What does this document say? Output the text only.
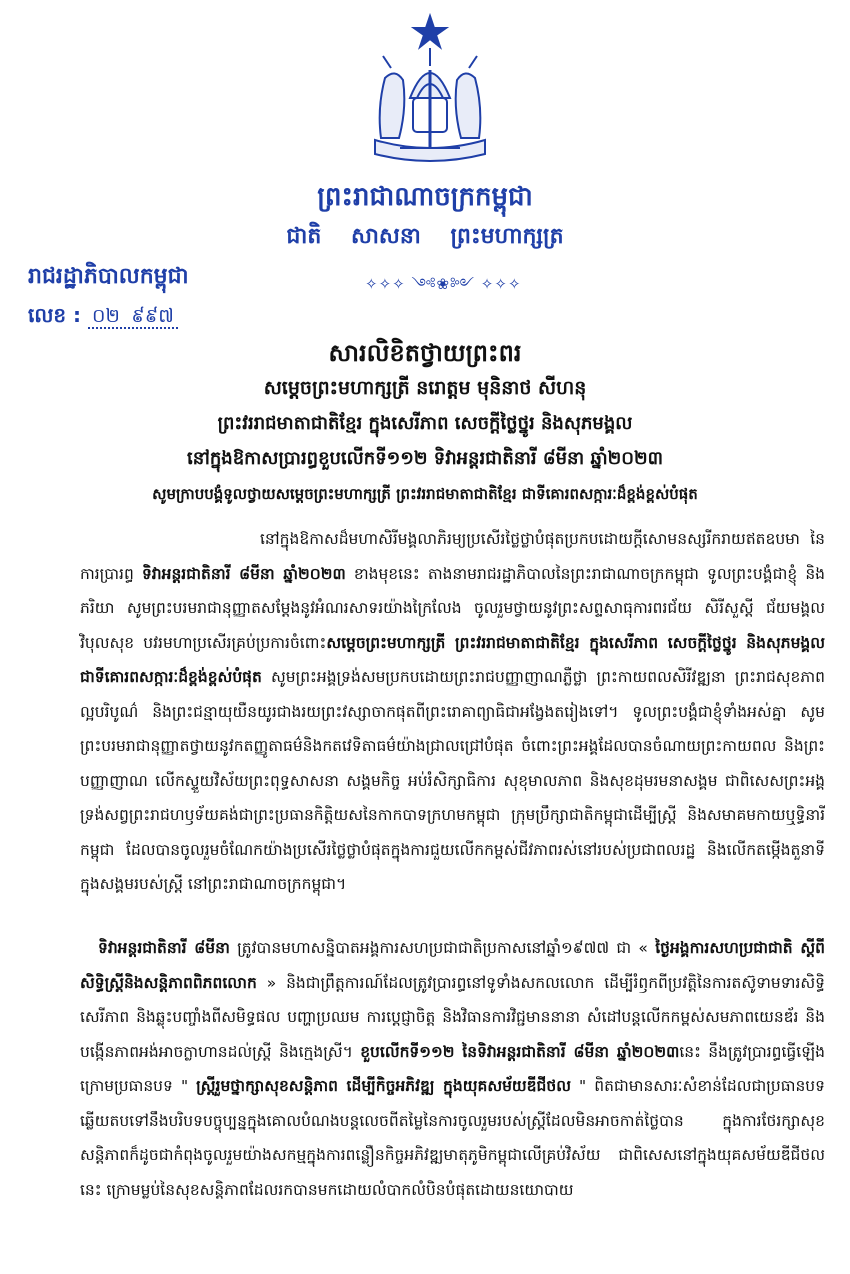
ព្រះរាជាណាចក្រកម្ពុជា
ជាតិ សាសនា ព្រះមហាក្សត្រ
✧✧✧ ༺❀༻ ✧✧✧
រាជរដ្ឋាភិបាលកម្ពុជា
លេខ : ០២ ៩៩៧
សារលិខិតថ្វាយព្រះពរ
សម្ដេចព្រះមហាក្សត្រី នរោត្ដម មុនិនាថ សីហនុ
ព្រះវររាជមាតាជាតិខ្មែរ ក្នុងសេរីភាព សេចក្ដីថ្លៃថ្នូរ និងសុភមង្គល
នៅក្នុងឱកាសប្រារព្ធខួបលើកទី១១២ ទិវាអន្ដរជាតិនារី ៨មីនា ឆ្នាំ២០២៣
សូមក្រាបបង្គំទូលថ្វាយសម្ដេចព្រះមហាក្សត្រី ព្រះវររាជមាតាជាតិខ្មែរ ជាទីគោរពសក្ការៈដ៏ខ្ពង់ខ្ពស់បំផុត
នៅក្នុងឱកាសដ៏មហាសិរីមង្គលាភិរម្យប្រសើរថ្លៃថ្លាបំផុតប្រកបដោយក្ដីសោមនស្សរីករាយឥតឧបមា នៃការប្រារព្ធ ទិវាអន្ដរជាតិនារី ៨មីនា ឆ្នាំ២០២៣ ខាងមុខនេះ តាងនាមរាជរដ្ឋាភិបាលនៃព្រះរាជាណាចក្រកម្ពុជា ទូលព្រះបង្គំជាខ្ញុំ និងភរិយា សូមព្រះបរមរាជានុញ្ញាតសម្ដែងនូវអំណរសាទរយ៉ាងក្រៃលែង ចូលរួមថ្វាយនូវព្រះសព្ទសាធុការពរជ័យ សិរីសួស្ដី ជ័យមង្គល វិបុលសុខ បវរមហាប្រសើរគ្រប់ប្រការចំពោះសម្ដេចព្រះមហាក្សត្រី ព្រះវររាជមាតាជាតិខ្មែរ ក្នុងសេរីភាព សេចក្ដីថ្លៃថ្នូរ និងសុភមង្គល ជាទីគោរពសក្ការៈដ៏ខ្ពង់ខ្ពស់បំផុត សូមព្រះអង្គទ្រង់សមប្រកបដោយព្រះរាជបញ្ញាញាណភ្លឺថ្លា ព្រះកាយពលសិរីវឌ្ឍនា ព្រះរាជសុខភាពល្អបរិបូណ៌ និងព្រះជន្មាយុយឺនយូរជាងរយព្រះវស្សាចាកផុតពីព្រះរោគាព្យាធិជាអង្វែងតរៀងទៅ។ ទូលព្រះបង្គំជាខ្ញុំទាំងអស់គ្នា សូមព្រះបរមរាជានុញ្ញាតថ្វាយនូវកតញ្ញូតាធម៌និងកតវេទិតាធម៌យ៉ាងជ្រាលជ្រៅបំផុត ចំពោះព្រះអង្គដែលបានចំណាយព្រះកាយពល និងព្រះបញ្ញាញាណ លើកស្ទួយវិស័យព្រះពុទ្ធសាសនា សង្គមកិច្ច អប់រំសិក្សាធិការ សុខុមាលភាព និងសុខដុមរមនាសង្គម ជាពិសេសព្រះអង្គទ្រង់សព្វព្រះរាជហឫទ័យគង់ជាព្រះប្រធានកិត្តិយសនៃកាកបាទក្រហមកម្ពុជា ក្រុមប្រឹក្សាជាតិកម្ពុជាដើម្បីស្ត្រី និងសមាគមកាយឬទ្ធិនារីកម្ពុជា ដែលបានចូលរួមចំណែកយ៉ាងប្រសើរថ្លៃថ្លាបំផុតក្នុងការជួយលើកកម្ពស់ជីវភាពរស់នៅរបស់ប្រជាពលរដ្ឋ និងលើកតម្កើងតួនាទីក្នុងសង្គមរបស់ស្ត្រី នៅព្រះរាជាណាចក្រកម្ពុជា។
ទិវាអន្ដរជាតិនារី ៨មីនា ត្រូវបានមហាសន្និបាតអង្គការសហប្រជាជាតិប្រកាសនៅឆ្នាំ១៩៧៧ ជា « ថ្ងៃអង្គការសហប្រជាជាតិ ស្ដីពីសិទ្ធិស្ត្រីនិងសន្ដិភាពពិភពលោក » និងជាព្រឹត្តការណ៍ដែលត្រូវប្រារព្ធនៅទូទាំងសកលលោក ដើម្បីរំឭកពីប្រវត្តិនៃការតស៊ូទាមទារសិទ្ធិសេរីភាព និងឆ្លុះបញ្ចាំងពីសមិទ្ធផល បញ្ហាប្រឈម ការប្ដេជ្ញាចិត្ត និងវិធានការវិជ្ជមាននានា សំដៅបន្តលើកកម្ពស់សមភាពយេនឌ័រ និងបង្កើនភាពអង់អាចក្លាហានដល់ស្ត្រី និងក្មេងស្រី។ ខួបលើកទី១១២ នៃទិវាអន្ដរជាតិនារី ៨មីនា ឆ្នាំ២០២៣នេះ នឹងត្រូវប្រារព្ធធ្វើឡើងក្រោមប្រធានបទ " ស្ត្រីរួមថ្នាក្សាសុខសន្តិភាព ដើម្បីកិច្ចអភិវឌ្ឍ ក្នុងយុគសម័យឌីជីថល " ពិតជាមានសារៈសំខាន់ដែលជាប្រធានបទឆ្លើយតបទៅនឹងបរិបទបច្ចុប្បន្នក្នុងគោលបំណងបន្តលេចពីតម្លៃនៃការចូលរួមរបស់ស្ត្រីដែលមិនអាចកាត់ថ្លៃបាន ក្នុងការថែរក្សាសុខសន្តិភាពក៏ដូចជាកំពុងចូលរួមយ៉ាងសកម្មក្នុងការពន្លឿនកិច្ចអភិវឌ្ឍមាតុភូមិកម្ពុជាលើគ្រប់វិស័យ ជាពិសេសនៅក្នុងយុគសម័យឌីជីថលនេះ ក្រោមម្លប់នៃសុខសន្តិភាពដែលរកបានមកដោយលំបាកលំបិនបំផុតដោយនយោបាយ
